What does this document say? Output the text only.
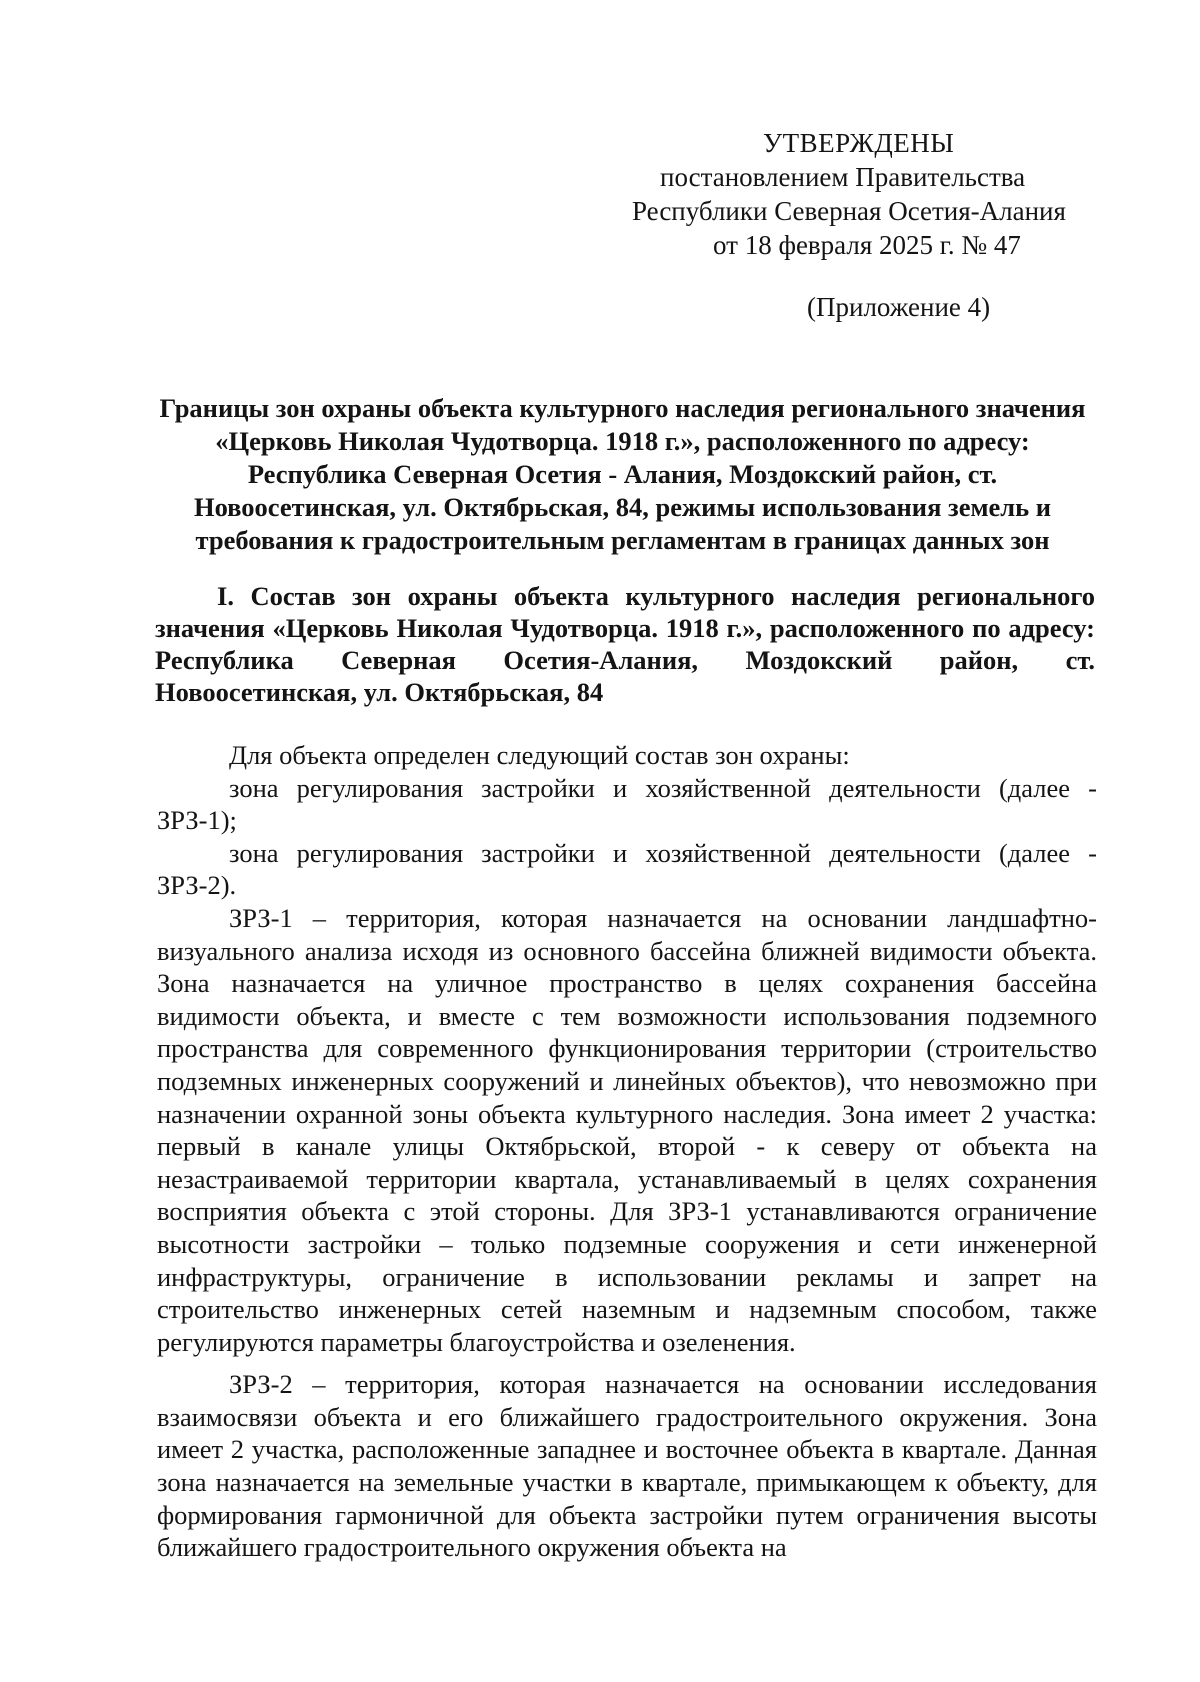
УТВЕРЖДЕНЫ
постановлением Правительства
Республики Северная Осетия-Алания
от 18 февраля 2025 г. № 47
(Приложение 4)
Границы зон охраны объекта культурного наследия регионального значения «Церковь Николая Чудотворца. 1918 г.», расположенного по адресу: Республика Северная Осетия - Алания, Моздокский район, ст. Новоосетинская, ул. Октябрьская, 84, режимы использования земель и требования к градостроительным регламентам в границах данных зон
I. Состав зон охраны объекта культурного наследия регионального значения «Церковь Николая Чудотворца. 1918 г.», расположенного по адресу: Республика Северная Осетия-Алания, Моздокский район, ст. Новоосетинская, ул. Октябрьская, 84

Для объекта определен следующий состав зон охраны:

зона регулирования застройки и хозяйственной деятельности (далее - ЗРЗ-1);

зона регулирования застройки и хозяйственной деятельности (далее - ЗРЗ-2).

ЗРЗ-1 – территория, которая назначается на основании ландшафтно-визуального анализа исходя из основного бассейна ближней видимости объекта. Зона назначается на уличное пространство в целях сохранения бассейна видимости объекта, и вместе с тем возможности использования подземного пространства для современного функционирования территории (строительство подземных инженерных сооружений и линейных объектов), что невозможно при назначении охранной зоны объекта культурного наследия. Зона имеет 2 участка: первый в канале улицы Октябрьской, второй - к северу от объекта на незастраиваемой территории квартала, устанавливаемый в целях сохранения восприятия объекта с этой стороны. Для ЗРЗ-1 устанавливаются ограничение высотности застройки – только подземные сооружения и сети инженерной инфраструктуры, ограничение в использовании рекламы и запрет на строительство инженерных сетей наземным и надземным способом, также регулируются параметры благоустройства и озеленения.

ЗРЗ-2 – территория, которая назначается на основании исследования взаимосвязи объекта и его ближайшего градостроительного окружения. Зона имеет 2 участка, расположенные западнее и восточнее объекта в квартале. Данная зона назначается на земельные участки в квартале, примыкающем к объекту, для формирования гармоничной для объекта застройки путем ограничения высоты ближайшего градостроительного окружения объекта на
